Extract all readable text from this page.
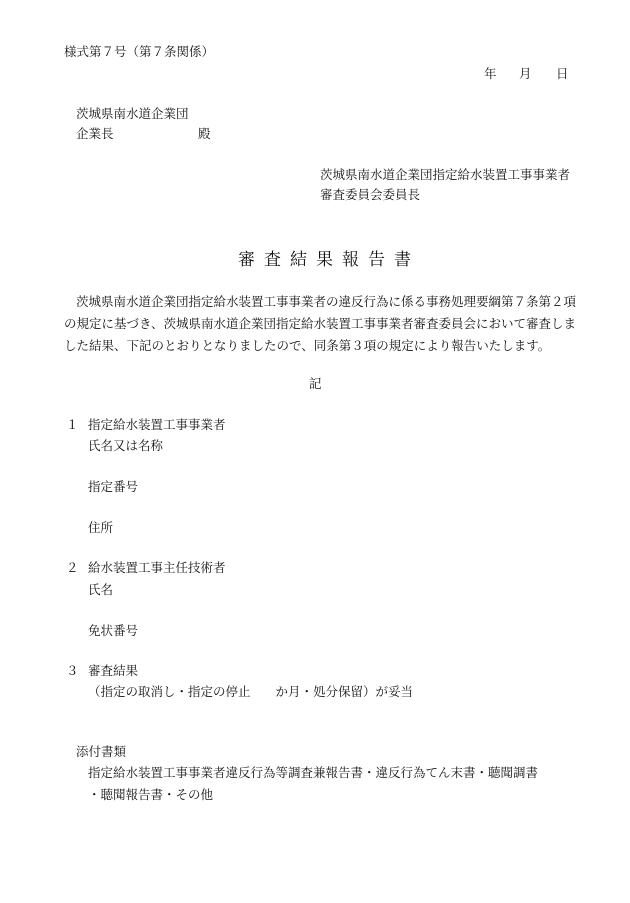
様式第７号（第７条関係）
年 月 日
茨城県南水道企業団
企業長	殿
茨城県南水道企業団指定給水装置工事事業者
審査委員会委員長
審査結果報告書
茨城県南水道企業団指定給水装置工事事業者の違反行為に係る事務処理要綱第７条第２項
の規定に基づき、茨城県南水道企業団指定給水装置工事事業者審査委員会において審査しま
した結果、下記のとおりとなりましたので、同条第３項の規定により報告いたします。
記
１ 指定給水装置工事事業者
氏名又は名称
指定番号
住所
２ 給水装置工事主任技術者
氏名
免状番号
３ 審査結果
（指定の取消し・指定の停止　　か月・処分保留）が妥当
添付書類
指定給水装置工事事業者違反行為等調査兼報告書・違反行為てん末書・聴聞調書
・聴聞報告書・その他
